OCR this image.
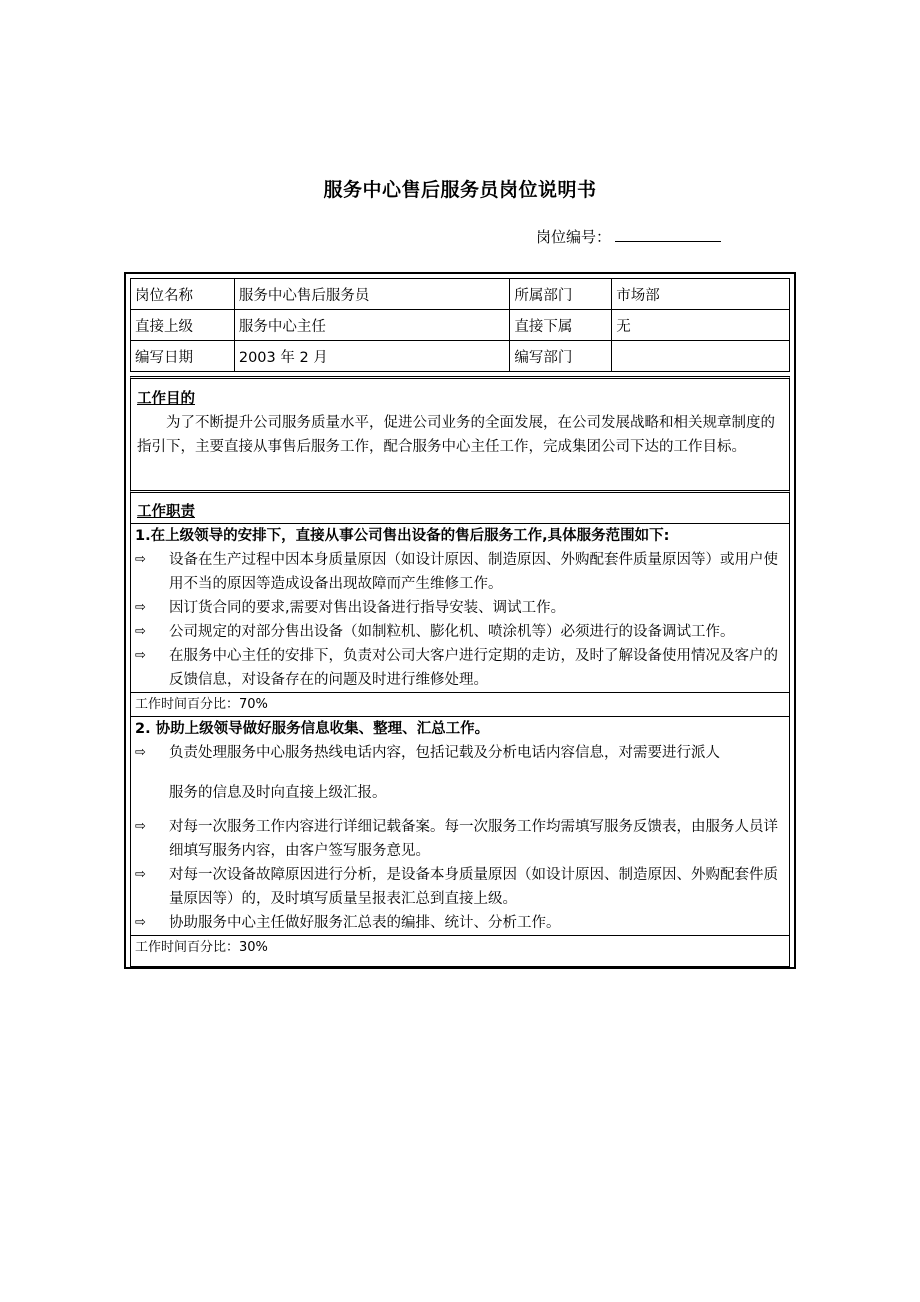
服务中心售后服务员岗位说明书
岗位编号：
岗位名称	服务中心售后服务员	所属部门	市场部
直接上级	服务中心主任	直接下属	无
编写日期	2003 年 2 月	编写部门	
工作目的
为了不断提升公司服务质量水平，促进公司业务的全面发展，在公司发展战略和相关规章制度的指引下，主要直接从事售后服务工作，配合服务中心主任工作，完成集团公司下达的工作目标。
工作职责
1.在上级领导的安排下，直接从事公司售出设备的售后服务工作,具体服务范围如下:
⇨	设备在生产过程中因本身质量原因（如设计原因、制造原因、外购配套件质量原因等）或用户使用不当的原因等造成设备出现故障而产生维修工作。
⇨	因订货合同的要求,需要对售出设备进行指导安装、调试工作。
⇨	公司规定的对部分售出设备（如制粒机、膨化机、喷涂机等）必须进行的设备调试工作。
⇨	在服务中心主任的安排下，负责对公司大客户进行定期的走访，及时了解设备使用情况及客户的反馈信息，对设备存在的问题及时进行维修处理。
工作时间百分比：70%
2. 协助上级领导做好服务信息收集、整理、汇总工作。
⇨	负责处理服务中心服务热线电话内容，包括记载及分析电话内容信息，对需要进行派人
服务的信息及时向直接上级汇报。
⇨	对每一次服务工作内容进行详细记载备案。每一次服务工作均需填写服务反馈表，由服务人员详细填写服务内容，由客户签写服务意见。
⇨	对每一次设备故障原因进行分析，是设备本身质量原因（如设计原因、制造原因、外购配套件质量原因等）的，及时填写质量呈报表汇总到直接上级。
⇨	协助服务中心主任做好服务汇总表的编排、统计、分析工作。
工作时间百分比：30%
